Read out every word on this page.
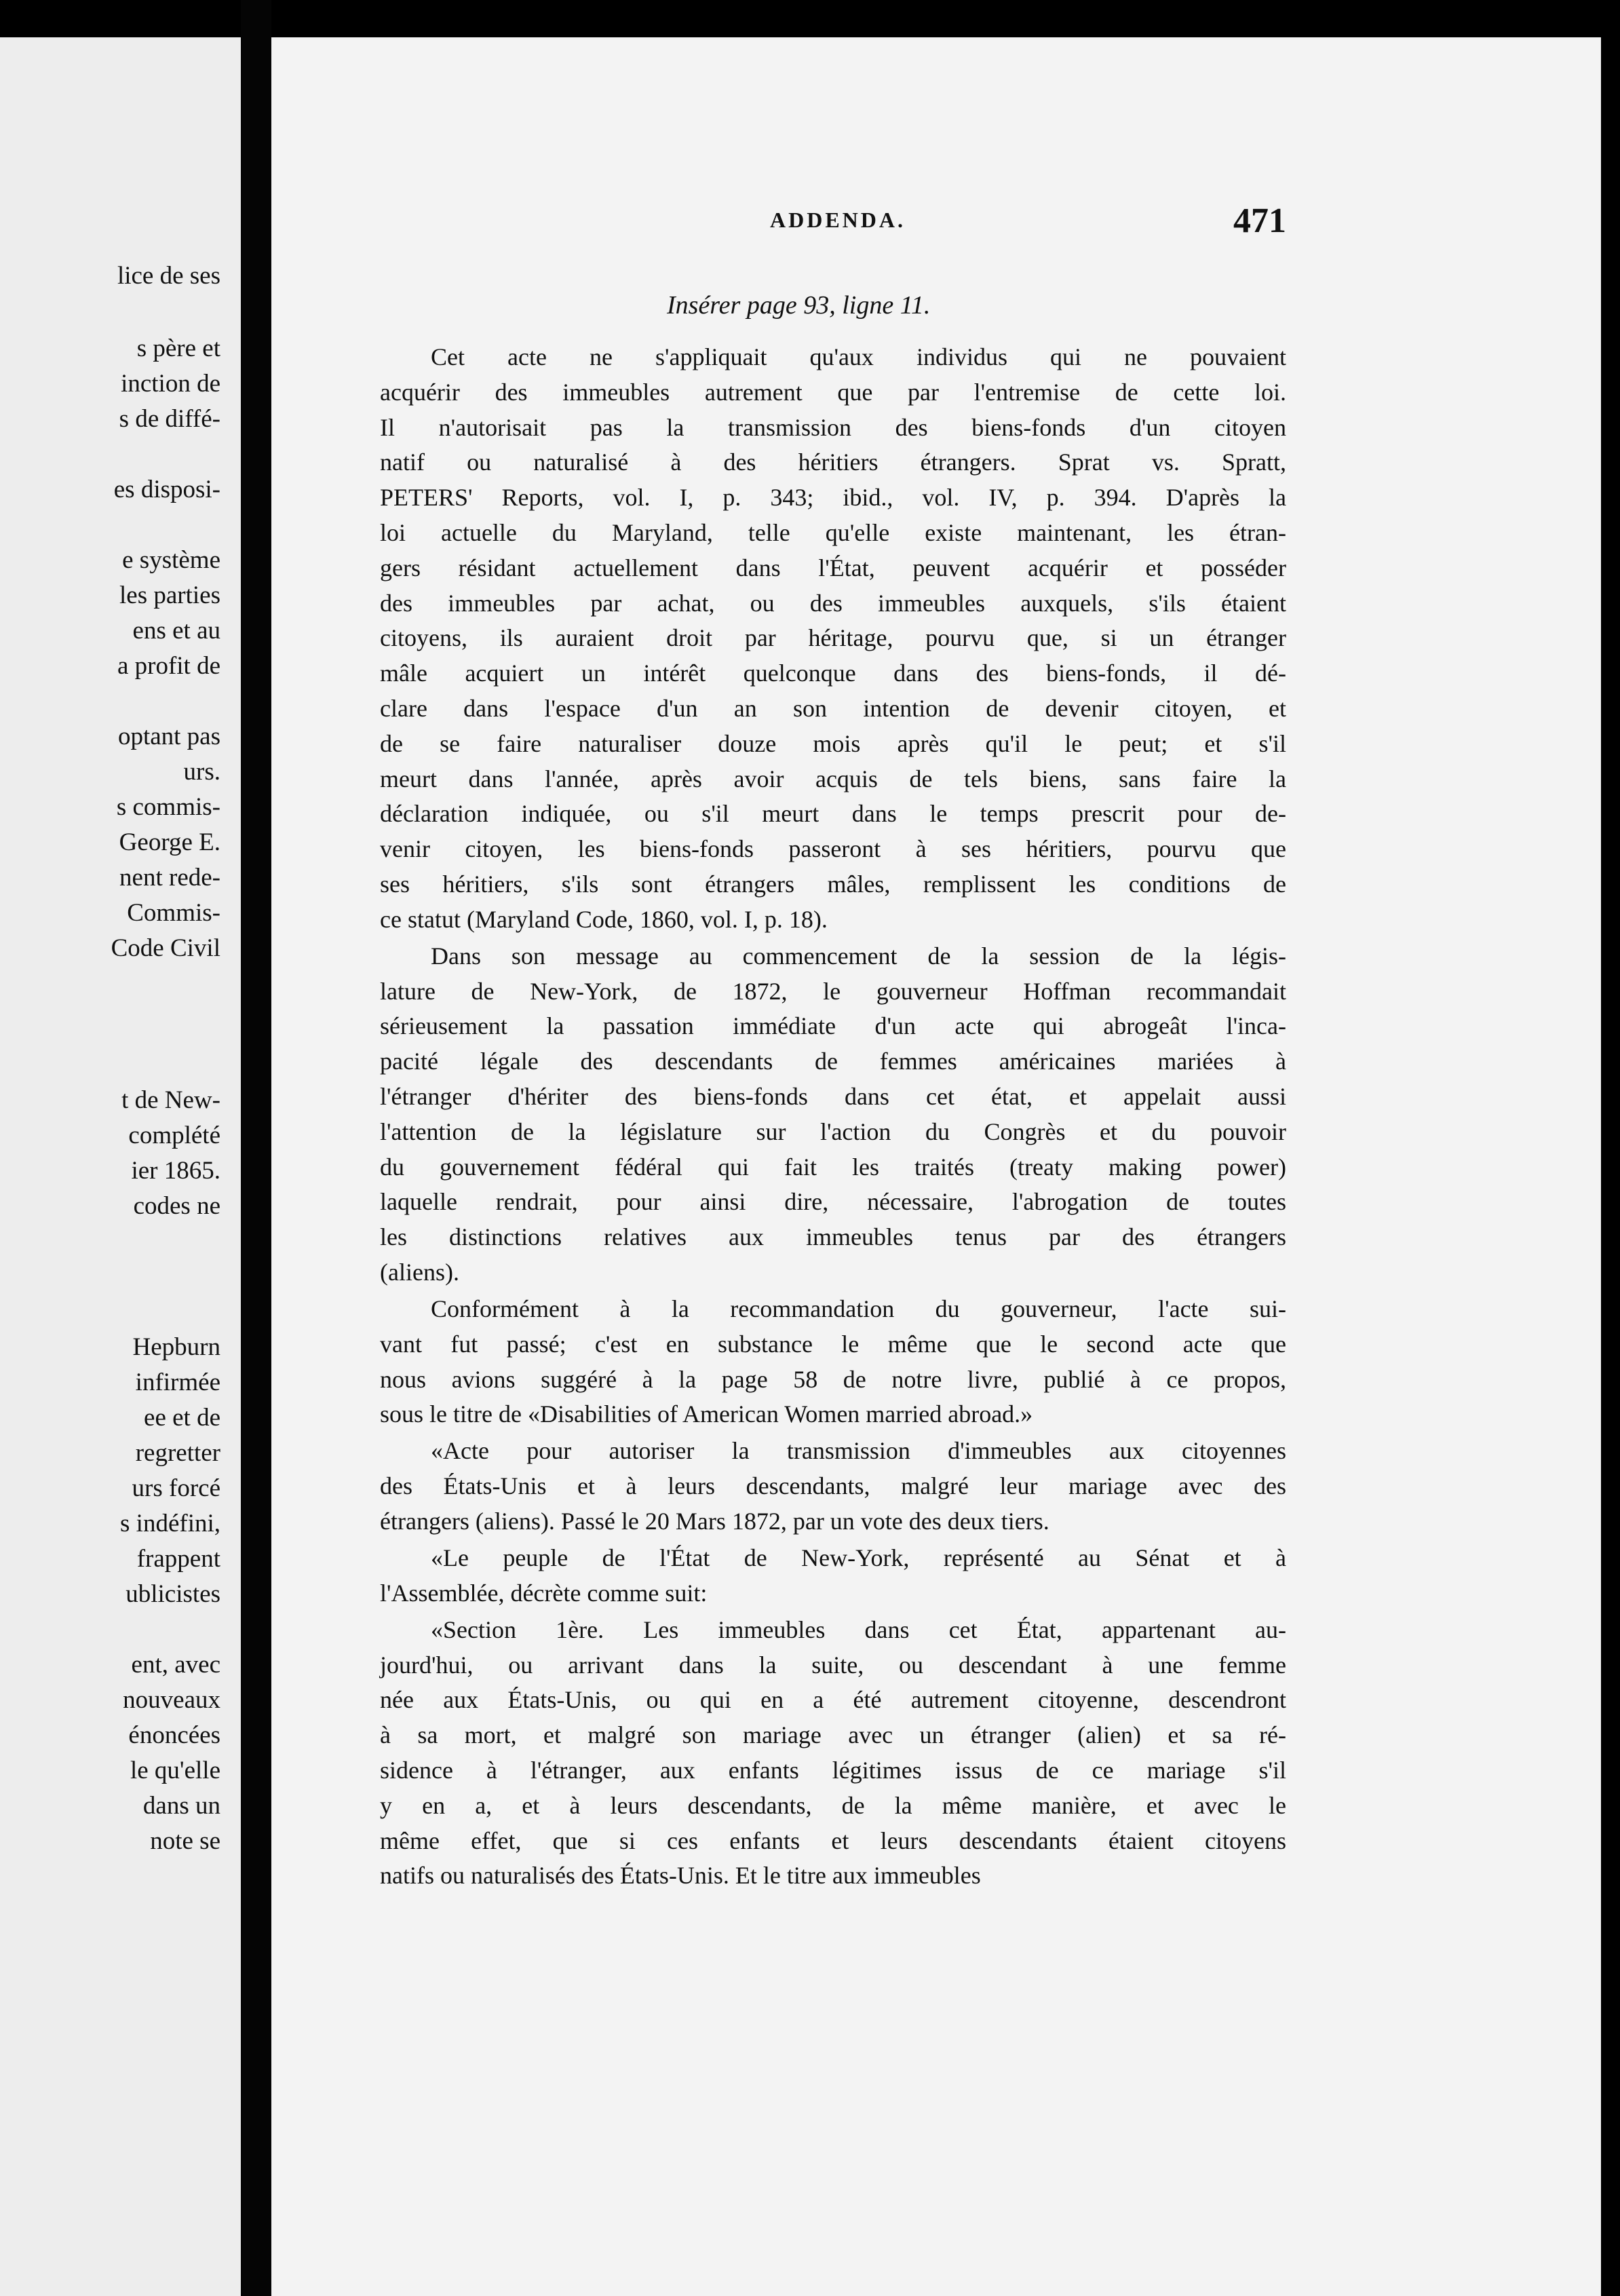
lice de ses
s père et
inction de
s de diffé-
es disposi-
e système
les parties
ens et au
a profit de
optant pas
urs.
s commis-
George E.
nent rede-
Commis-
Code Civil
t de New-
complété
ier 1865.
codes ne
Hepburn
infirmée
ee et de
regretter
urs forcé
s indéfini,
frappent
ublicistes
ent, avec
nouveaux
énoncées
le qu'elle
dans un
note se
ADDENDA.	471
Insérer page 93, ligne 11.
Cet acte ne s'appliquait qu'aux individus qui ne pouvaient
acquérir des immeubles autrement que par l'entremise de cette loi.
Il n'autorisait pas la transmission des biens-fonds d'un citoyen
natif ou naturalisé à des héritiers étrangers. Sprat vs. Spratt,
PETERS' Reports, vol. I, p. 343; ibid., vol. IV, p. 394. D'après la
loi actuelle du Maryland, telle qu'elle existe maintenant, les étran-
gers résidant actuellement dans l'État, peuvent acquérir et posséder
des immeubles par achat, ou des immeubles auxquels, s'ils étaient
citoyens, ils auraient droit par héritage, pourvu que, si un étranger
mâle acquiert un intérêt quelconque dans des biens-fonds, il dé-
clare dans l'espace d'un an son intention de devenir citoyen, et
de se faire naturaliser douze mois après qu'il le peut; et s'il
meurt dans l'année, après avoir acquis de tels biens, sans faire la
déclaration indiquée, ou s'il meurt dans le temps prescrit pour de-
venir citoyen, les biens-fonds passeront à ses héritiers, pourvu que
ses héritiers, s'ils sont étrangers mâles, remplissent les conditions de
ce statut (Maryland Code, 1860, vol. I, p. 18).
Dans son message au commencement de la session de la légis-
lature de New-York, de 1872, le gouverneur Hoffman recommandait
sérieusement la passation immédiate d'un acte qui abrogeât l'inca-
pacité légale des descendants de femmes américaines mariées à
l'étranger d'hériter des biens-fonds dans cet état, et appelait aussi
l'attention de la législature sur l'action du Congrès et du pouvoir
du gouvernement fédéral qui fait les traités (treaty making power)
laquelle rendrait, pour ainsi dire, nécessaire, l'abrogation de toutes
les distinctions relatives aux immeubles tenus par des étrangers
(aliens).
Conformément à la recommandation du gouverneur, l'acte sui-
vant fut passé; c'est en substance le même que le second acte que
nous avions suggéré à la page 58 de notre livre, publié à ce propos,
sous le titre de «Disabilities of American Women married abroad.»
«Acte pour autoriser la transmission d'immeubles aux citoyennes
des États-Unis et à leurs descendants, malgré leur mariage avec des
étrangers (aliens). Passé le 20 Mars 1872, par un vote des deux tiers.
«Le peuple de l'État de New-York, représenté au Sénat et à
l'Assemblée, décrète comme suit:
«Section 1ère. Les immeubles dans cet État, appartenant au-
jourd'hui, ou arrivant dans la suite, ou descendant à une femme
née aux États-Unis, ou qui en a été autrement citoyenne, descendront
à sa mort, et malgré son mariage avec un étranger (alien) et sa ré-
sidence à l'étranger, aux enfants légitimes issus de ce mariage s'il
y en a, et à leurs descendants, de la même manière, et avec le
même effet, que si ces enfants et leurs descendants étaient citoyens
natifs ou naturalisés des États-Unis. Et le titre aux immeubles
